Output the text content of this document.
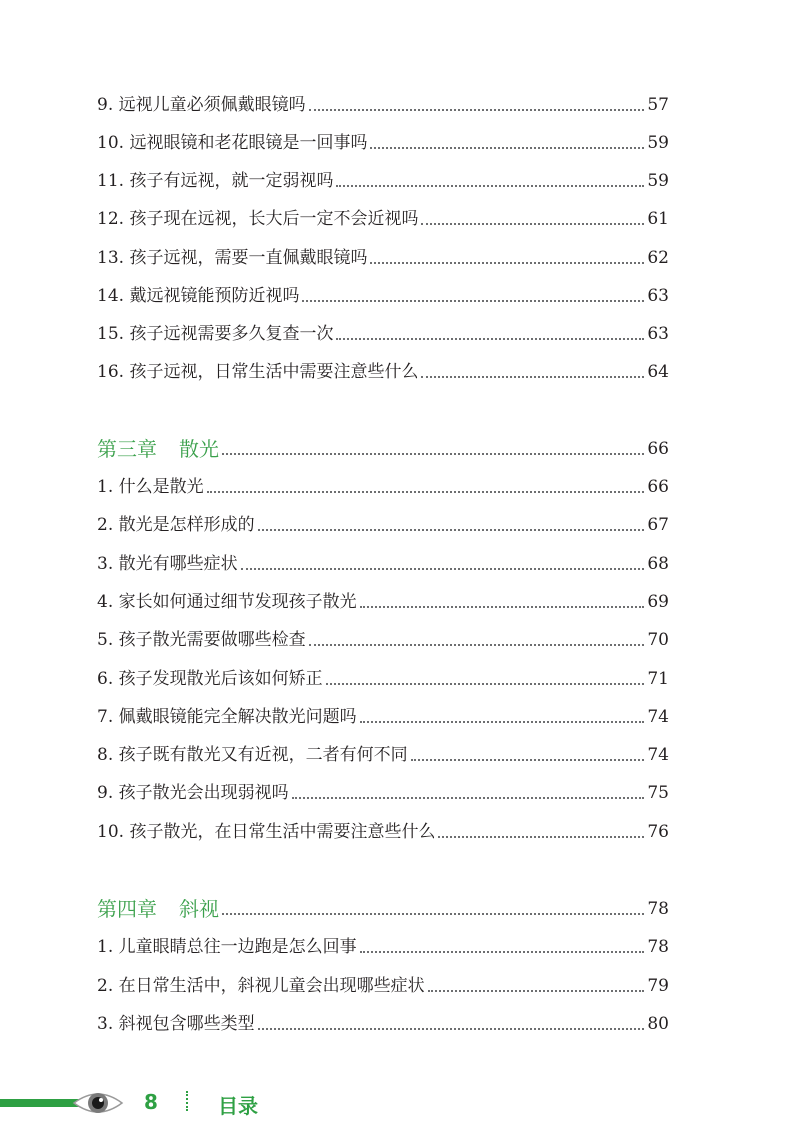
9. 远视儿童必须佩戴眼镜吗	57
10. 远视眼镜和老花眼镜是一回事吗	59
11. 孩子有远视，就一定弱视吗	59
12. 孩子现在远视，长大后一定不会近视吗	61
13. 孩子远视，需要一直佩戴眼镜吗	62
14. 戴远视镜能预防近视吗	63
15. 孩子远视需要多久复查一次	63
16. 孩子远视，日常生活中需要注意些什么	64
第三章 散光	66
1. 什么是散光	66
2. 散光是怎样形成的	67
3. 散光有哪些症状	68
4. 家长如何通过细节发现孩子散光	69
5. 孩子散光需要做哪些检查	70
6. 孩子发现散光后该如何矫正	71
7. 佩戴眼镜能完全解决散光问题吗	74
8. 孩子既有散光又有近视，二者有何不同	74
9. 孩子散光会出现弱视吗	75
10. 孩子散光，在日常生活中需要注意些什么	76
第四章 斜视	78
1. 儿童眼睛总往一边跑是怎么回事	78
2. 在日常生活中，斜视儿童会出现哪些症状	79
3. 斜视包含哪些类型	80
8	目录
